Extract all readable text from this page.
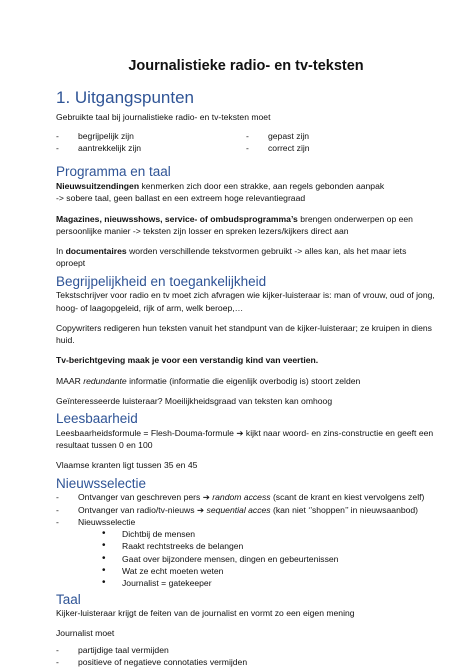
Journalistieke radio- en tv-teksten
1. Uitgangspunten

Gebruikte taal bij journalistieke radio- en tv-teksten moet

- begrijpelijk zijn
- aantrekkelijk zijn
- gepast zijn
- correct zijn
Programma en taal

Nieuwsuitzendingen kenmerken zich door een strakke, aan regels gebonden aanpak
-> sobere taal, geen ballast en een extreem hoge relevantiegraad

Magazines, nieuwsshows, service- of ombudsprogramma’s brengen onderwerpen op een persoonlijke manier -> teksten zijn losser en spreken lezers/kijkers direct aan

In documentaires worden verschillende tekstvormen gebruikt -> alles kan, als het maar iets oproept

Begrijpelijkheid en toegankelijkheid

Tekstschrijver voor radio en tv moet zich afvragen wie kijker-luisteraar is: man of vrouw, oud of jong, hoog- of laagopgeleid, rijk of arm, welk beroep,…

Copywriters redigeren hun teksten vanuit het standpunt van de kijker-luisteraar; ze kruipen in diens huid.

Tv-berichtgeving maak je voor een verstandig kind van veertien.

MAAR redundante informatie (informatie die eigenlijk overbodig is) stoort zelden

Geïnteresseerde luisteraar? Moeilijkheidsgraad van teksten kan omhoog

Leesbaarheid

Leesbaarheidsformule = Flesh-Douma-formule ➔ kijkt naar woord- en zins-constructie en geeft een resultaat tussen 0 en 100

Vlaamse kranten ligt tussen 35 en 45

Nieuwsselectie
- Ontvanger van geschreven pers ➔ random access (scant de krant en kiest vervolgens zelf)
- Ontvanger van radio/tv-nieuws ➔ sequential acces (kan niet ‘’shoppen’’ in nieuwsaanbod)
- Nieuwsselectie
• Dichtbij de mensen
• Raakt rechtstreeks de belangen
• Gaat over bijzondere mensen, dingen en gebeurtenissen
• Wat ze echt moeten weten
• Journalist = gatekeeper
Taal

Kijker-luisteraar krijgt de feiten van de journalist en vormt zo een eigen mening

Journalist moet

- partijdige taal vermijden
- positieve of negatieve connotaties vermijden
